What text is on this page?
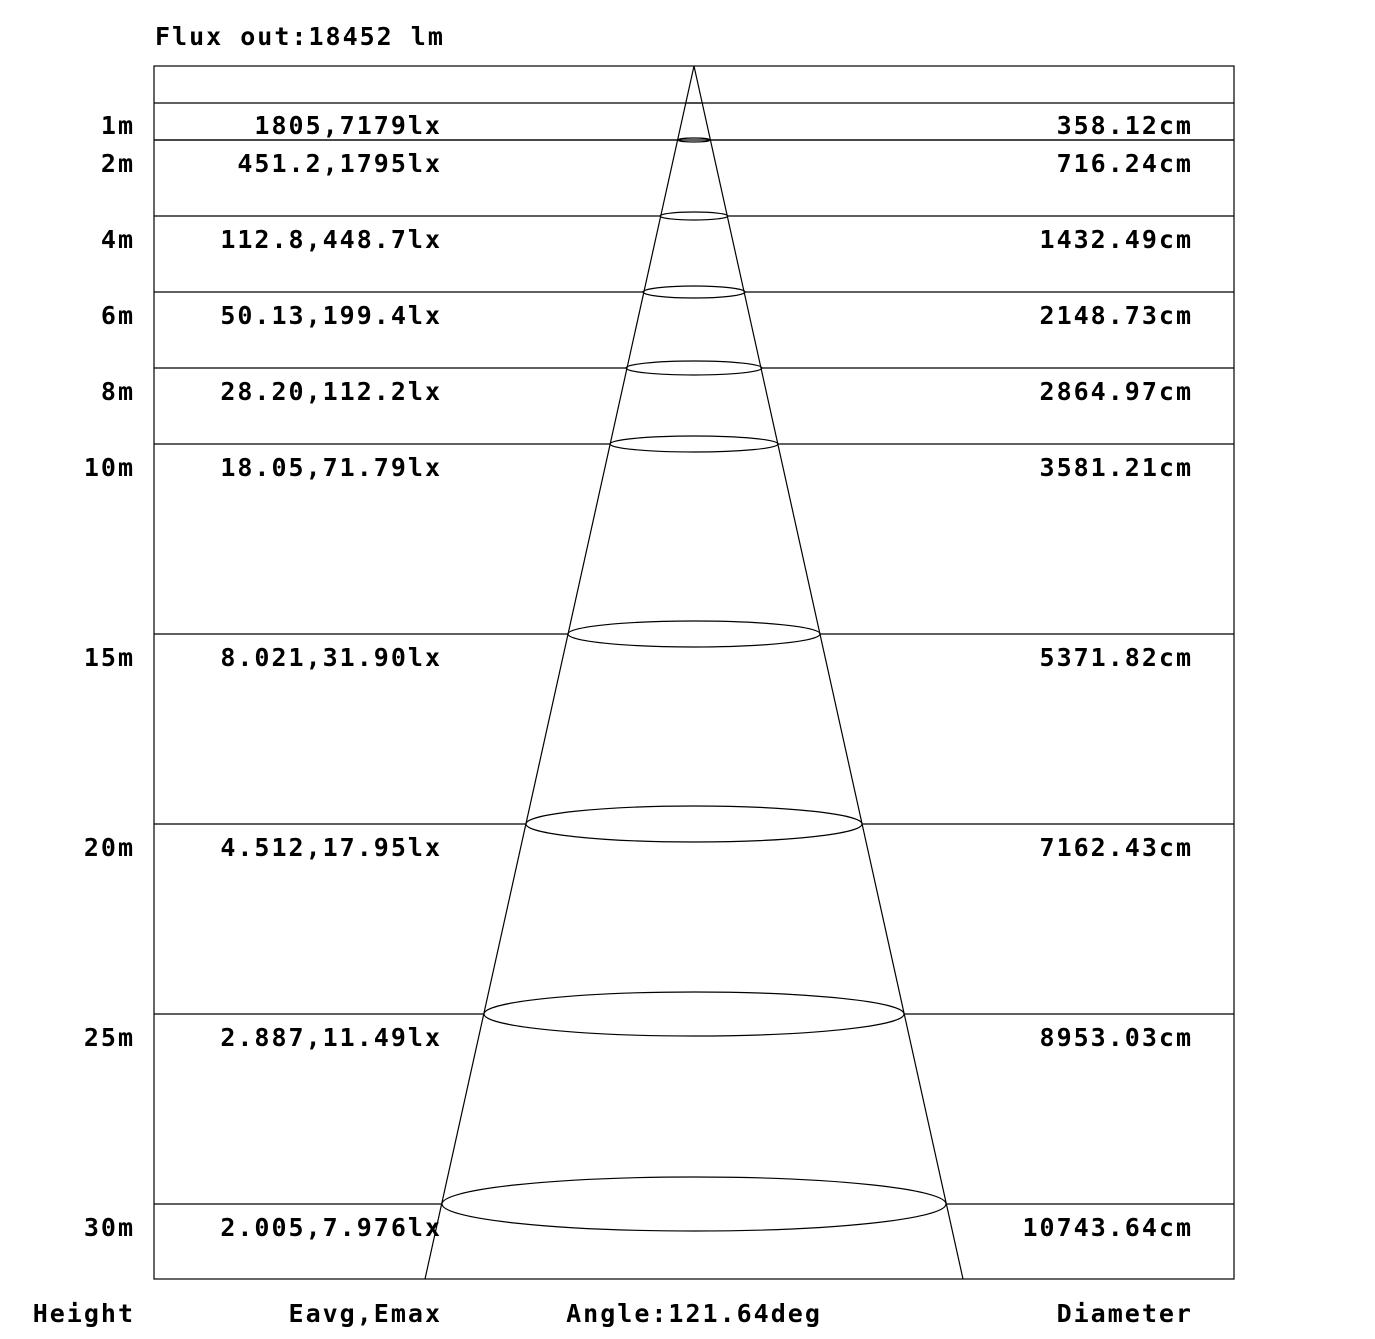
Flux out:18452 lm
1m	1805,7179lx	358.12cm
2m	451.2,1795lx	716.24cm
4m	112.8,448.7lx	1432.49cm
6m	50.13,199.4lx	2148.73cm
8m	28.20,112.2lx	2864.97cm
10m	18.05,71.79lx	3581.21cm
15m	8.021,31.90lx	5371.82cm
20m	4.512,17.95lx	7162.43cm
25m	2.887,11.49lx	8953.03cm
30m	2.005,7.976lx	10743.64cm
Height	Eavg,Emax	Angle:121.64deg	Diameter
